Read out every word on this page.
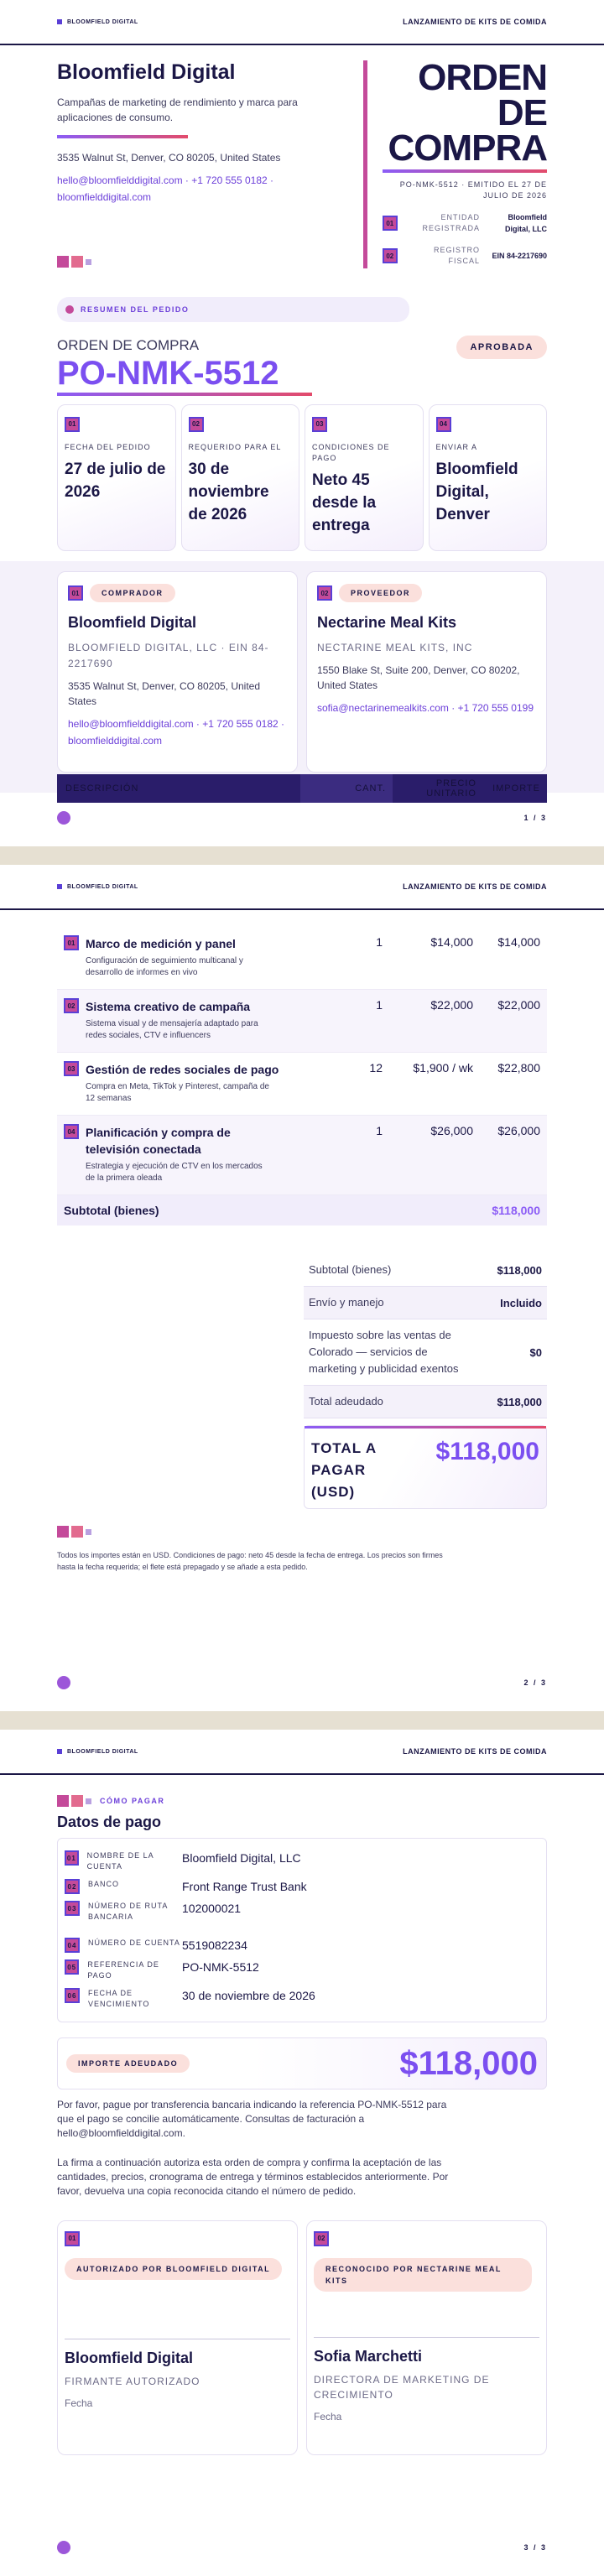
BLOOMFIELD DIGITAL	LANZAMIENTO DE KITS DE COMIDA
Bloomfield Digital
Campañas de marketing de rendimiento y marca para aplicaciones de consumo.
3535 Walnut St, Denver, CO 80205, United States
hello@bloomfielddigital.com · +1 720 555 0182 · bloomfielddigital.com
ORDEN
DE
COMPRA
PO-NMK-5512 · EMITIDO EL 27 DE JULIO DE 2026
01
ENTIDAD REGISTRADA
Bloomfield Digital, LLC
02
REGISTRO FISCAL
EIN 84-2217690
RESUMEN DEL PEDIDO
ORDEN DE COMPRA
PO-NMK-5512
APROBADA
01
FECHA DEL PEDIDO
27 de julio de 2026
02
REQUERIDO PARA EL
30 de noviembre de 2026
03
CONDICIONES DE PAGO
Neto 45 desde la entrega
04
ENVIAR A
Bloomfield Digital, Denver
01	COMPRADOR
Bloomfield Digital
BLOOMFIELD DIGITAL, LLC · EIN 84-2217690
3535 Walnut St, Denver, CO 80205, United States
hello@bloomfielddigital.com · +1 720 555 0182 · bloomfielddigital.com
02	PROVEEDOR
Nectarine Meal Kits
NECTARINE MEAL KITS, INC
1550 Blake St, Suite 200, Denver, CO 80202, United States
sofia@nectarinemealkits.com · +1 720 555 0199
DESCRIPCIÓN	CANT.	PRECIO UNITARIO	IMPORTE
1 / 3
BLOOMFIELD DIGITAL	LANZAMIENTO DE KITS DE COMIDA
01 Marco de medición y panel
Configuración de seguimiento multicanal y desarrollo de informes en vivo
1	$14,000	$14,000
02 Sistema creativo de campaña
Sistema visual y de mensajería adaptado para redes sociales, CTV e influencers
1	$22,000	$22,000
03 Gestión de redes sociales de pago
Compra en Meta, TikTok y Pinterest, campaña de 12 semanas
12	$1,900 / wk	$22,800
04 Planificación y compra de televisión conectada
Estrategia y ejecución de CTV en los mercados de la primera oleada
1	$26,000	$26,000
Subtotal (bienes)	$118,000
Subtotal (bienes)	$118,000
Envío y manejo	Incluido
Impuesto sobre las ventas de Colorado — servicios de marketing y publicidad exentos
$0
Total adeudado	$118,000
TOTAL A PAGAR (USD)
$118,000
Todos los importes están en USD. Condiciones de pago: neto 45 desde la fecha de entrega. Los precios son firmes hasta la fecha requerida; el flete está prepagado y se añade a esta pedido.
2 / 3
BLOOMFIELD DIGITAL	LANZAMIENTO DE KITS DE COMIDA
CÓMO PAGAR
Datos de pago
01	NOMBRE DE LA CUENTA
Bloomfield Digital, LLC
02	BANCO	Front Range Trust Bank
03	NÚMERO DE RUTA BANCARIA
102000021
04	NÚMERO DE CUENTA 5519082234
05	REFERENCIA DE PAGO
PO-NMK-5512
06	FECHA DE VENCIMIENTO
30 de noviembre de 2026
IMPORTE ADEUDADO	$118,000
Por favor, pague por transferencia bancaria indicando la referencia PO-NMK-5512 para que el pago se concilie automáticamente. Consultas de facturación a hello@bloomfielddigital.com.
La firma a continuación autoriza esta orden de compra y confirma la aceptación de las cantidades, precios, cronograma de entrega y términos establecidos anteriormente. Por favor, devuelva una copia reconocida citando el número de pedido.
01
AUTORIZADO POR BLOOMFIELD DIGITAL
Bloomfield Digital
FIRMANTE AUTORIZADO
Fecha
02
RECONOCIDO POR NECTARINE MEAL KITS
Sofia Marchetti
DIRECTORA DE MARKETING DE CRECIMIENTO
Fecha
3 / 3
